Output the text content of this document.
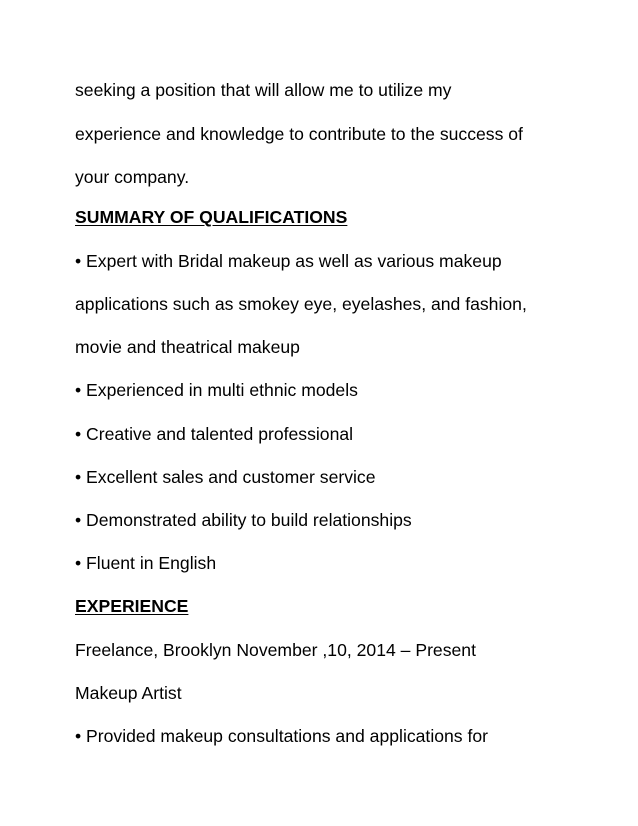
seeking a position that will allow me to utilize my

experience and knowledge to contribute to the success of

your company.

SUMMARY OF QUALIFICATIONS

• Expert with Bridal makeup as well as various makeup

applications such as smokey eye, eyelashes, and fashion,

movie and theatrical makeup

• Experienced in multi ethnic models

• Creative and talented professional

• Excellent sales and customer service

• Demonstrated ability to build relationships

• Fluent in English

EXPERIENCE

Freelance, Brooklyn November ,10, 2014 – Present

Makeup Artist

• Provided makeup consultations and applications for
